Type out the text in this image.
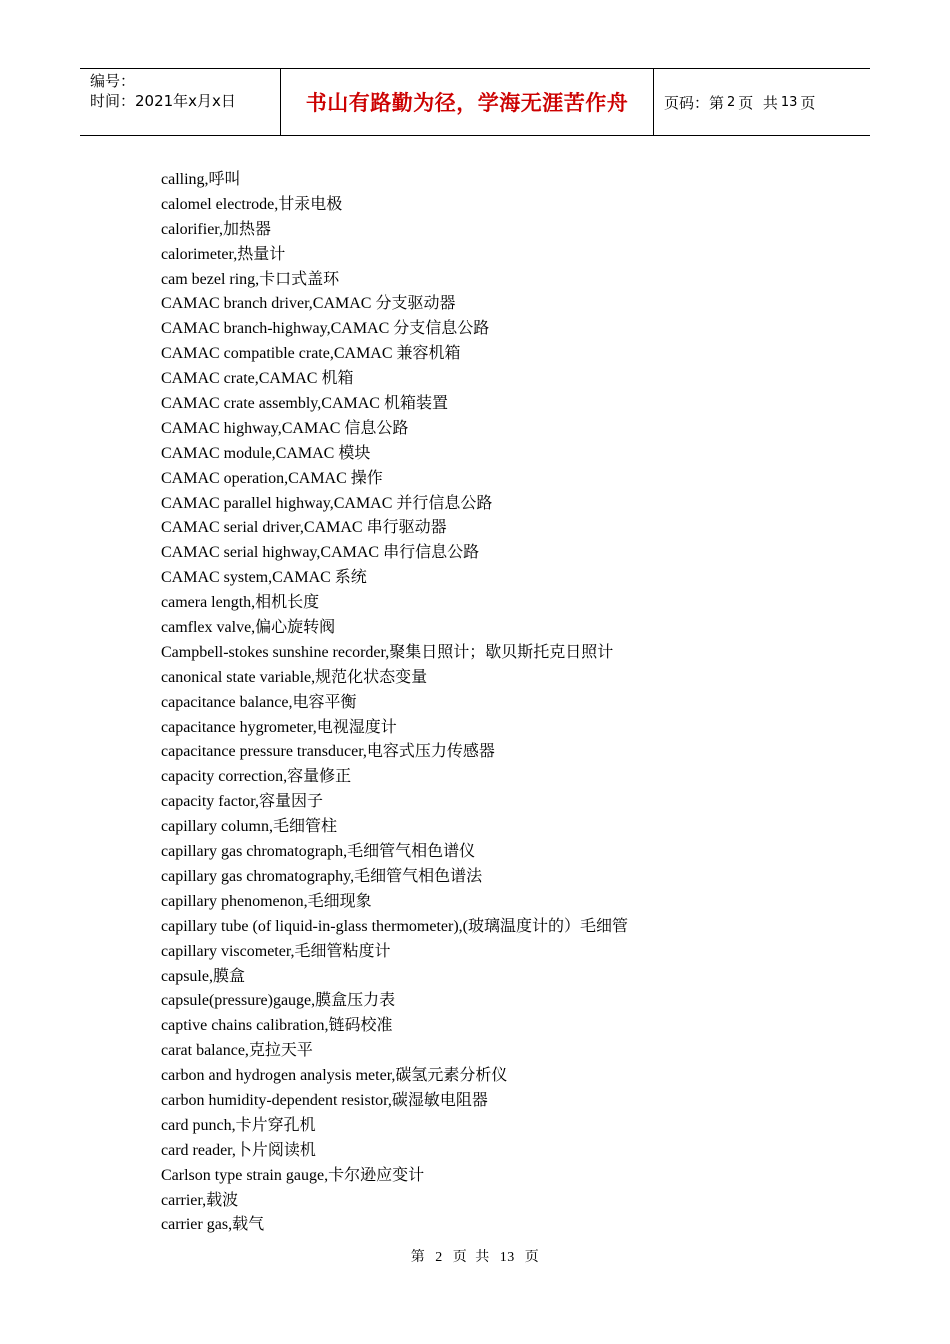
编号：
时间：2021年x月x日	书山有路勤为径，学海无涯苦作舟	页码：第 2 页  共 13 页
calling,呼叫
calomel electrode,甘汞电极
calorifier,加热器
calorimeter,热量计
cam bezel ring,卡口式盖环
CAMAC branch driver,CAMAC 分支驱动器
CAMAC branch-highway,CAMAC 分支信息公路
CAMAC compatible crate,CAMAC 兼容机箱
CAMAC crate,CAMAC 机箱
CAMAC crate assembly,CAMAC 机箱装置
CAMAC highway,CAMAC 信息公路
CAMAC module,CAMAC 模块
CAMAC operation,CAMAC 操作
CAMAC parallel highway,CAMAC 并行信息公路
CAMAC serial driver,CAMAC 串行驱动器
CAMAC serial highway,CAMAC 串行信息公路
CAMAC system,CAMAC 系统
camera length,相机长度
camflex valve,偏心旋转阀
Campbell-stokes sunshine recorder,聚集日照计；歇贝斯托克日照计
canonical state variable,规范化状态变量
capacitance balance,电容平衡
capacitance hygrometer,电视湿度计
capacitance pressure transducer,电容式压力传感器
capacity correction,容量修正
capacity factor,容量因子
capillary column,毛细管柱
capillary gas chromatograph,毛细管气相色谱仪
capillary gas chromatography,毛细管气相色谱法
capillary phenomenon,毛细现象
capillary tube (of liquid-in-glass thermometer),(玻璃温度计的）毛细管
capillary viscometer,毛细管粘度计
capsule,膜盒
capsule(pressure)gauge,膜盒压力表
captive chains calibration,链码校准
carat balance,克拉天平
carbon and hydrogen analysis meter,碳氢元素分析仪
carbon humidity-dependent resistor,碳湿敏电阻器
card punch,卡片穿孔机
card reader,卜片阅读机
Carlson type strain gauge,卡尔逊应变计
carrier,载波
carrier gas,载气
第 2 页  共 13 页
